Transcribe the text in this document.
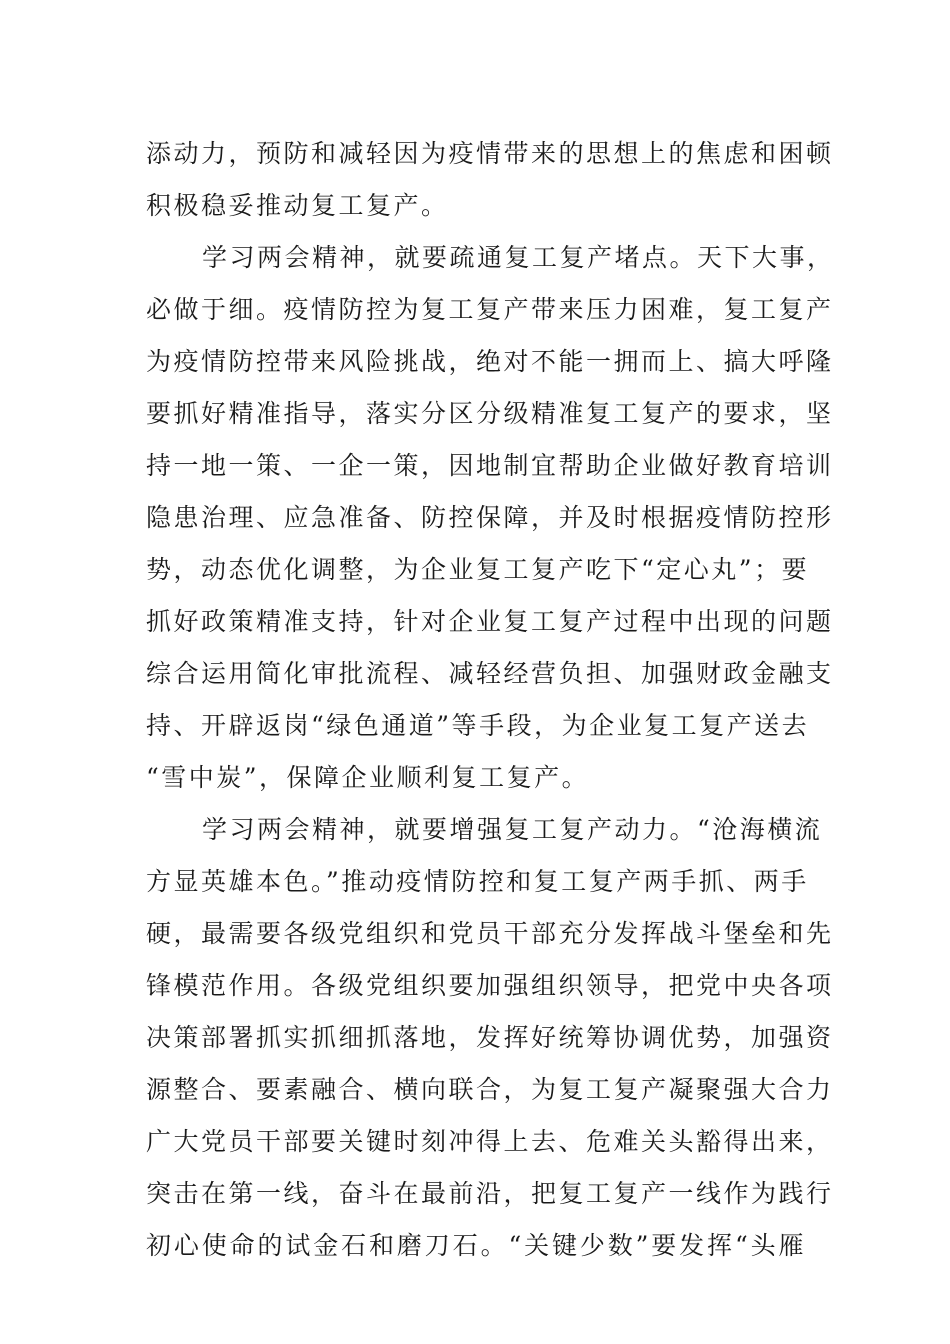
添动力，预防和减轻因为疫情带来的思想上的焦虑和困顿
积极稳妥推动复工复产。
学习两会精神，就要疏通复工复产堵点。天下大事，
必做于细。疫情防控为复工复产带来压力困难，复工复产
为疫情防控带来风险挑战，绝对不能一拥而上、搞大呼隆
要抓好精准指导，落实分区分级精准复工复产的要求，坚
持一地一策、一企一策，因地制宜帮助企业做好教育培训
隐患治理、应急准备、防控保障，并及时根据疫情防控形
势，动态优化调整，为企业复工复产吃下“定心丸”；要
抓好政策精准支持，针对企业复工复产过程中出现的问题
综合运用简化审批流程、减轻经营负担、加强财政金融支
持、开辟返岗“绿色通道”等手段，为企业复工复产送去
“雪中炭”，保障企业顺利复工复产。
学习两会精神，就要增强复工复产动力。“沧海横流
方显英雄本色。”推动疫情防控和复工复产两手抓、两手
硬，最需要各级党组织和党员干部充分发挥战斗堡垒和先
锋模范作用。各级党组织要加强组织领导，把党中央各项
决策部署抓实抓细抓落地，发挥好统筹协调优势，加强资
源整合、要素融合、横向联合，为复工复产凝聚强大合力
广大党员干部要关键时刻冲得上去、危难关头豁得出来，
突击在第一线，奋斗在最前沿，把复工复产一线作为践行
初心使命的试金石和磨刀石。“关键少数”要发挥“头雁
